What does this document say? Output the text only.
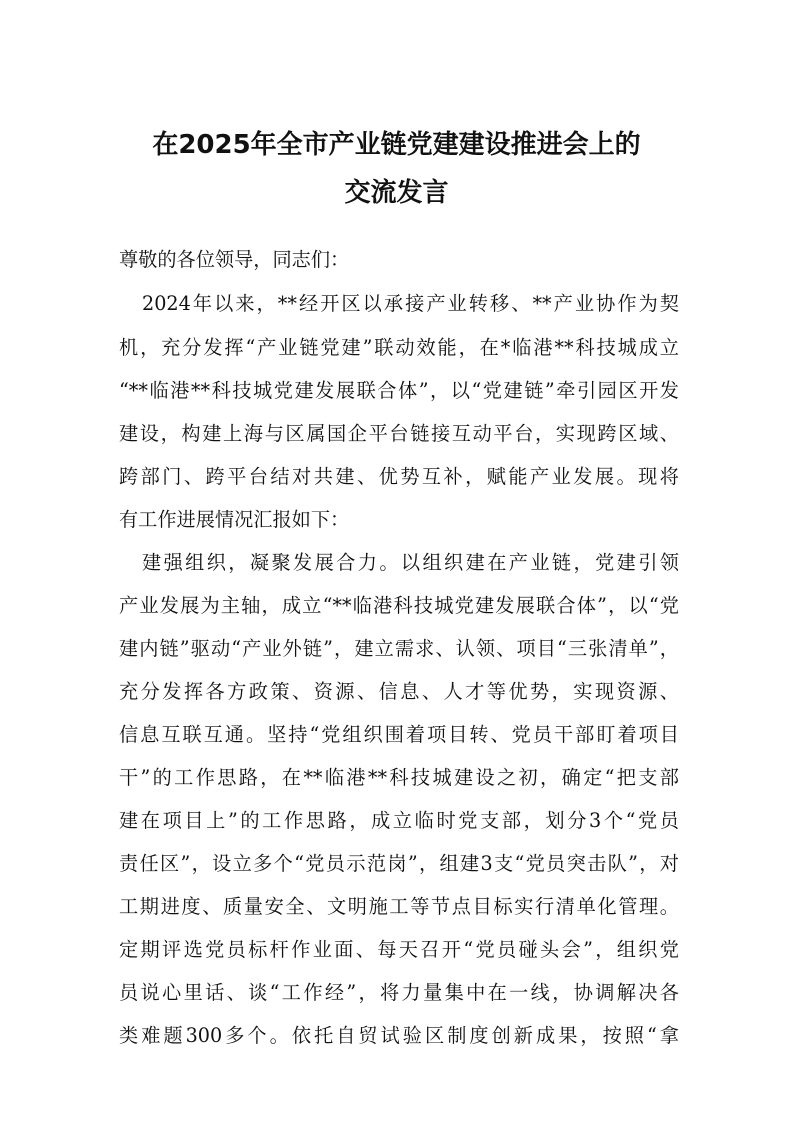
在2025年全市产业链党建建设推进会上的
交流发言
尊敬的各位领导，同志们：
2024年以来，**经开区以承接产业转移、**产业协作为契
机，充分发挥“产业链党建”联动效能，在*临港**科技城成立
“**临港**科技城党建发展联合体”，以“党建链”牵引园区开发
建设，构建上海与区属国企平台链接互动平台，实现跨区域、
跨部门、跨平台结对共建、优势互补，赋能产业发展。现将
有工作进展情况汇报如下：
建强组织，凝聚发展合力。以组织建在产业链，党建引领
产业发展为主轴，成立“**临港科技城党建发展联合体”，以“党
建内链”驱动“产业外链”，建立需求、认领、项目“三张清单”，
充分发挥各方政策、资源、信息、人才等优势，实现资源、
信息互联互通。坚持“党组织围着项目转、党员干部盯着项目
干”的工作思路，在**临港**科技城建设之初，确定“把支部
建在项目上”的工作思路，成立临时党支部，划分3个“党员
责任区”，设立多个“党员示范岗”，组建3支“党员突击队”，对
工期进度、质量安全、文明施工等节点目标实行清单化管理。
定期评选党员标杆作业面、每天召开“党员碰头会”，组织党
员说心里话、谈“工作经”，将力量集中在一线，协调解决各
类难题300多个。依托自贸试验区制度创新成果，按照“拿
